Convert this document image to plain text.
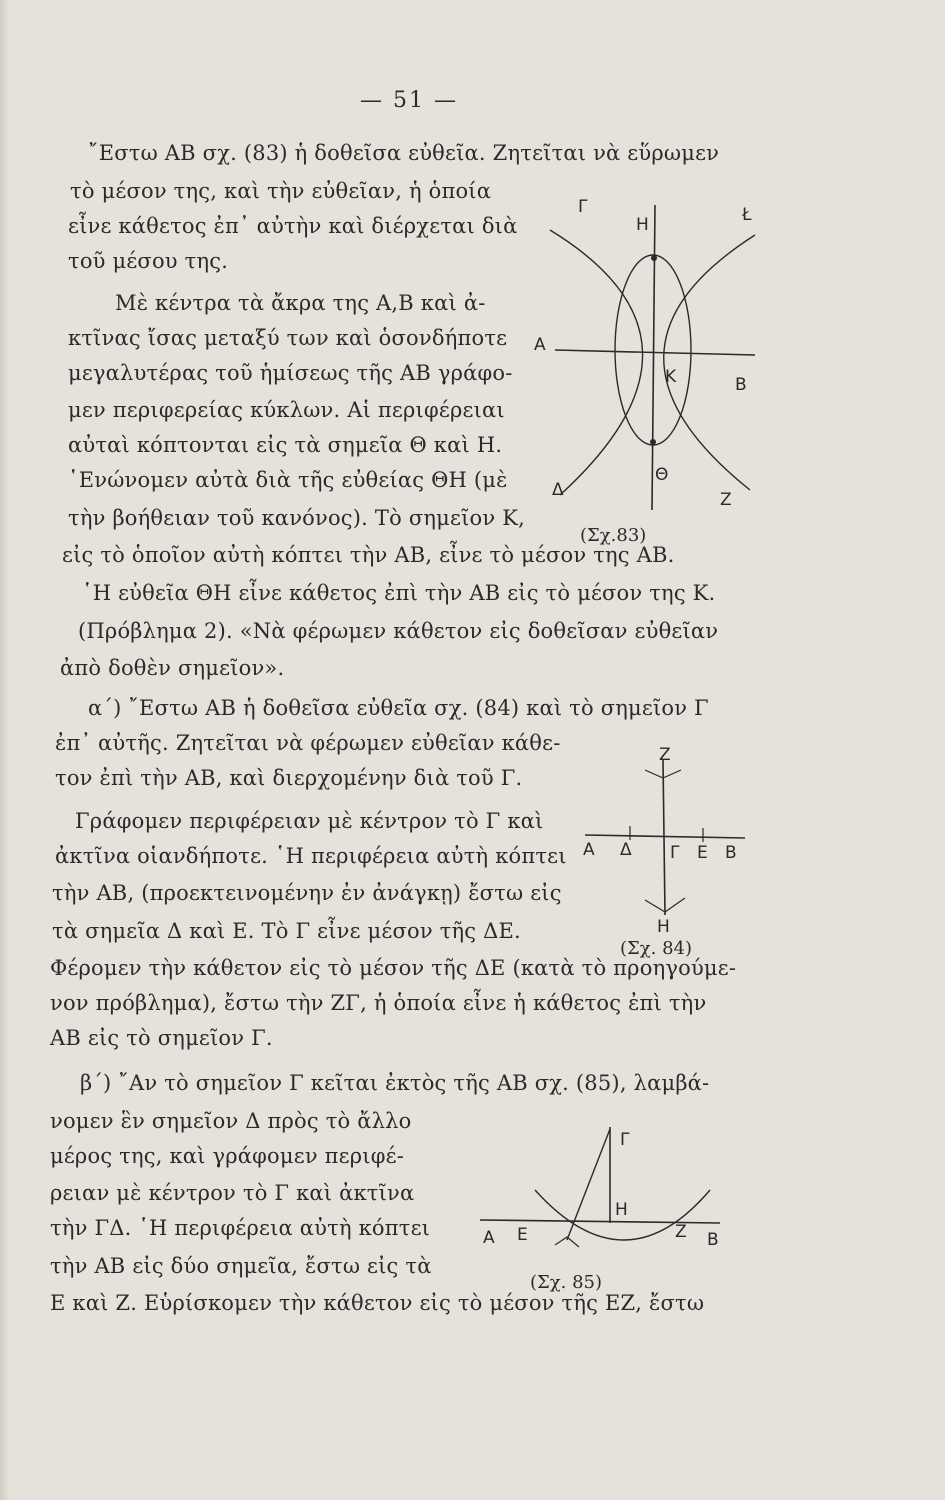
— 51 —
῎Εστω ΑΒ σχ. (83) ἡ δοθεῖσα εὐθεῖα. Ζητεῖται νὰ εὕρωμεν
τὸ μέσον της, καὶ τὴν εὐθεῖαν, ἡ ὁποία
εἶνε κάθετος ἐπ᾽ αὐτὴν καὶ διέρχεται διὰ
τοῦ μέσου της.
Μὲ κέντρα τὰ ἄκρα της Α,Β καὶ ἀ-
κτῖνας ἴσας μεταξύ των καὶ ὁσονδήποτε
μεγαλυτέρας τοῦ ἡμίσεως τῆς ΑΒ γράφο-
μεν περιφερείας κύκλων. Αἱ περιφέρειαι
αὐταὶ κόπτονται εἰς τὰ σημεῖα Θ καὶ Η.
῾Ενώνομεν αὐτὰ διὰ τῆς εὐθείας ΘΗ (μὲ
τὴν βοήθειαν τοῦ κανόνος). Τὸ σημεῖον Κ,
εἰς τὸ ὁποῖον αὐτὴ κόπτει τὴν ΑΒ, εἶνε τὸ μέσον της ΑΒ.
῾Η εὐθεῖα ΘΗ εἶνε κάθετος ἐπὶ τὴν ΑΒ εἰς τὸ μέσον της Κ.
(Πρόβλημα 2). «Νὰ φέρωμεν κάθετον εἰς δοθεῖσαν εὐθεῖαν
ἀπὸ δοθὲν σημεῖον».
α΄) ῎Εστω ΑΒ ἡ δοθεῖσα εὐθεῖα σχ. (84) καὶ τὸ σημεῖον Γ
ἐπ᾽ αὐτῆς. Ζητεῖται νὰ φέρωμεν εὐθεῖαν κάθε-
τον ἐπὶ τὴν ΑΒ, καὶ διερχομένην διὰ τοῦ Γ.
Γράφομεν περιφέρειαν μὲ κέντρον τὸ Γ καὶ
ἀκτῖνα οἱανδήποτε. ῾Η περιφέρεια αὐτὴ κόπτει
τὴν ΑΒ, (προεκτεινομένην ἐν ἀνάγκῃ) ἔστω εἰς
τὰ σημεῖα Δ καὶ Ε. Τὸ Γ εἶνε μέσον τῆς ΔΕ.
Φέρομεν τὴν κάθετον εἰς τὸ μέσον τῆς ΔΕ (κατὰ τὸ προηγούμε-
νον πρόβλημα), ἔστω τὴν ΖΓ, ἡ ὁποία εἶνε ἡ κάθετος ἐπὶ τὴν
ΑΒ εἰς τὸ σημεῖον Γ.
β΄) ῎Αν τὸ σημεῖον Γ κεῖται ἐκτὸς τῆς ΑΒ σχ. (85), λαμβά-
νομεν ἓν σημεῖον Δ πρὸς τὸ ἄλλο
μέρος της, καὶ γράφομεν περιφέ-
ρειαν μὲ κέντρον τὸ Γ καὶ ἀκτῖνα
τὴν ΓΔ. ῾Η περιφέρεια αὐτὴ κόπτει
τὴν ΑΒ εἰς δύο σημεῖα, ἔστω εἰς τὰ
Ε καὶ Ζ. Εὑρίσκομεν τὴν κάθετον εἰς τὸ μέσον τῆς ΕΖ, ἔστω
Γ
Η	Ł
Α
Κ	Β
Δ
Θ
Ζ
(Σχ.83)
Ζ
Α Δ Γ Ε Β
Η
(Σχ. 84)
Γ
Η
Α Ε	Ζ Β
(Σχ. 85)
